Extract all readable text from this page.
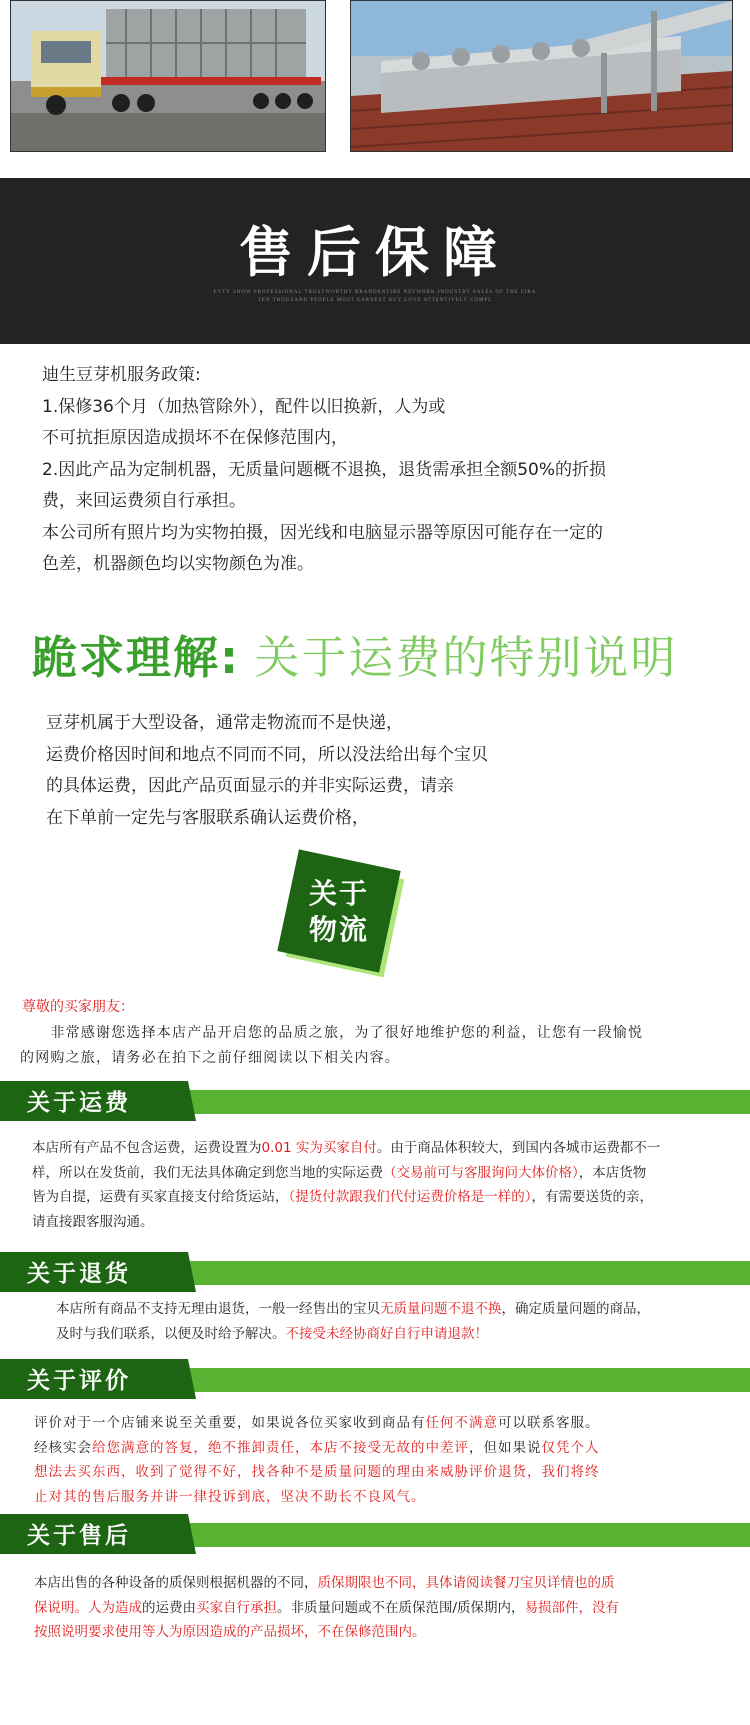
售后保障
EVTY SHOW PROFESSIONAL TRUSTWORTHY BRANDENTIRE NETWORK INDUSTRY SALES OF THE FIRA
TEN THOUSAND PEOPLE MOST EARNEST BUY LOVE ATTENTIVELY COMPL
迪生豆芽机服务政策:
1.保修36个月（加热管除外），配件以旧换新，人为或
不可抗拒原因造成损坏不在保修范围内，
2.因此产品为定制机器，无质量问题概不退换，退货需承担全额50%的折损
费，来回运费须自行承担。
本公司所有照片均为实物拍摄，因光线和电脑显示器等原因可能存在一定的
色差，机器颜色均以实物颜色为准。
跪求理解: 关于运费的特别说明
豆芽机属于大型设备，通常走物流而不是快递，
运费价格因时间和地点不同而不同，所以没法给出每个宝贝
的具体运费，因此产品页面显示的并非实际运费，请亲
在下单前一定先与客服联系确认运费价格，
关于
物流
尊敬的买家朋友：
　　非常感谢您选择本店产品开启您的品质之旅，为了很好地维护您的利益，让您有一段愉悦
的网购之旅，请务必在拍下之前仔细阅读以下相关内容。
关于运费
本店所有产品不包含运费，运费设置为0.01 实为买家自付。由于商品体积较大，到国内各城市运费都不一
样，所以在发货前，我们无法具体确定到您当地的实际运费（交易前可与客服询问大体价格），本店货物
皆为自提，运费有买家直接支付给货运站，（提货付款跟我们代付运费价格是一样的），有需要送货的亲，
请直接跟客服沟通。
关于退货
本店所有商品不支持无理由退货，一般一经售出的宝贝无质量问题不退不换，确定质量问题的商品，
及时与我们联系，以便及时给予解决。不接受未经协商好自行申请退款！
关于评价
评价对于一个店铺来说至关重要，如果说各位买家收到商品有任何不满意可以联系客服。
经核实会给您满意的答复，绝不推卸责任，本店不接受无故的中差评，但如果说仅凭个人
想法去买东西，收到了觉得不好，找各种不是质量问题的理由来威胁评价退货，我们将终
止对其的售后服务并讲一律投诉到底，坚决不助长不良风气。
关于售后
本店出售的各种设备的质保则根据机器的不同，质保期限也不同，具体请阅读餐刀宝贝详情也的质
保说明。人为造成的运费由买家自行承担。非质量问题或不在质保范围/质保期内，易损部件，没有
按照说明要求使用等人为原因造成的产品损坏，不在保修范围内。
